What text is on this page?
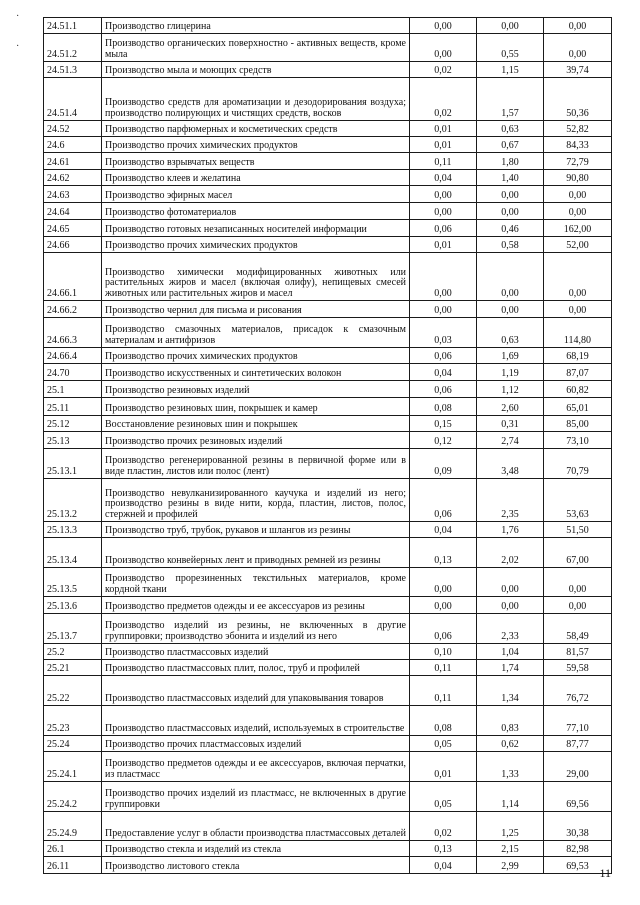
·
·
24.51.1	Производство глицерина	0,00	0,00	0,00
24.51.2	Производство органических поверхностно - активных веществ, кроме мыла	0,00	0,55	0,00
24.51.3	Производство мыла и моющих средств	0,02	1,15	39,74
24.51.4	Производство средств для ароматизации и дезодорирования воздуха; производство полирующих и чистящих средств, восков	0,02	1,57	50,36
24.52	Производство парфюмерных и косметических средств	0,01	0,63	52,82
24.6	Производство прочих химических продуктов	0,01	0,67	84,33
24.61	Производство взрывчатых веществ	0,11	1,80	72,79
24.62	Производство клеев и желатина	0,04	1,40	90,80
24.63	Производство эфирных масел	0,00	0,00	0,00
24.64	Производство фотоматериалов	0,00	0,00	0,00
24.65	Производство готовых незаписанных носителей информации	0,06	0,46	162,00
24.66	Производство прочих химических продуктов	0,01	0,58	52,00
24.66.1	Производство химически модифицированных животных или растительных жиров и масел (включая олифу), непищевых смесей животных или растительных жиров и масел	0,00	0,00	0,00
24.66.2	Производство чернил для письма и рисования	0,00	0,00	0,00
24.66.3	Производство смазочных материалов, присадок к смазочным материалам и антифризов	0,03	0,63	114,80
24.66.4	Производство прочих химических продуктов	0,06	1,69	68,19
24.70	Производство искусственных и синтетических волокон	0,04	1,19	87,07
25.1	Производство резиновых изделий	0,06	1,12	60,82
25.11	Производство резиновых шин, покрышек и камер	0,08	2,60	65,01
25.12	Восстановление резиновых шин и покрышек	0,15	0,31	85,00
25.13	Производство прочих резиновых изделий	0,12	2,74	73,10
25.13.1	Производство регенерированной резины в первичной форме или в виде пластин, листов или полос (лент)	0,09	3,48	70,79
25.13.2	Производство невулканизированного каучука и изделий из него; производство резины в виде нити, корда, пластин, листов, полос, стержней и профилей	0,06	2,35	53,63
25.13.3	Производство труб, трубок, рукавов и шлангов из резины	0,04	1,76	51,50
25.13.4	Производство конвейерных лент и приводных ремней из резины	0,13	2,02	67,00
25.13.5	Производство прорезиненных текстильных материалов, кроме кордной ткани	0,00	0,00	0,00
25.13.6	Производство предметов одежды и ее аксессуаров из резины	0,00	0,00	0,00
25.13.7	Производство изделий из резины, не включенных в другие группировки; производство эбонита и изделий из него	0,06	2,33	58,49
25.2	Производство пластмассовых изделий	0,10	1,04	81,57
25.21	Производство пластмассовых плит, полос, труб и профилей	0,11	1,74	59,58
25.22	Производство пластмассовых изделий для упаковывания товаров	0,11	1,34	76,72
25.23	Производство пластмассовых изделий, используемых в строительстве	0,08	0,83	77,10
25.24	Производство прочих пластмассовых изделий	0,05	0,62	87,77
25.24.1	Производство предметов одежды и ее аксессуаров, включая перчатки, из пластмасс	0,01	1,33	29,00
25.24.2	Производство прочих изделий из пластмасс, не включенных в другие группировки	0,05	1,14	69,56
25.24.9	Предоставление услуг в области производства пластмассовых деталей	0,02	1,25	30,38
26.1	Производство стекла и изделий из стекла	0,13	2,15	82,98
26.11	Производство листового стекла	0,04	2,99	69,53 11
